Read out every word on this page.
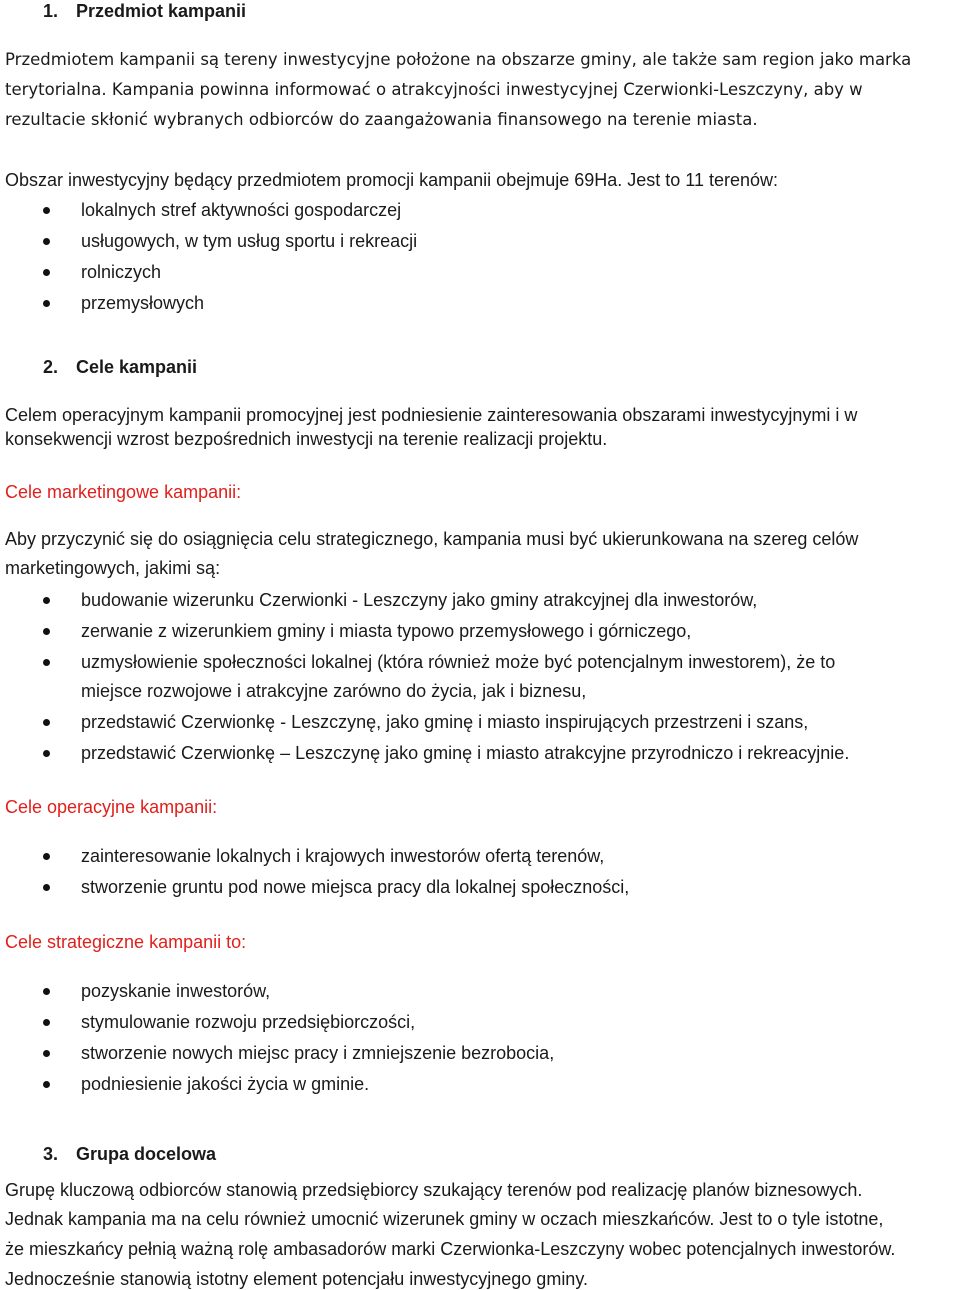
1. Przedmiot kampanii
Przedmiotem kampanii są tereny inwestycyjne położone na obszarze gminy, ale także sam region jako marka
terytorialna. Kampania powinna informować o atrakcyjności inwestycyjnej Czerwionki-Leszczyny, aby w
rezultacie skłonić wybranych odbiorców do zaangażowania finansowego na terenie miasta.
Obszar inwestycyjny będący przedmiotem promocji kampanii obejmuje 69Ha. Jest to 11 terenów:
lokalnych stref aktywności gospodarczej
usługowych, w tym usług sportu i rekreacji
rolniczych
przemysłowych
2. Cele kampanii
Celem operacyjnym kampanii promocyjnej jest podniesienie zainteresowania obszarami inwestycyjnymi i w
konsekwencji wzrost bezpośrednich inwestycji na terenie realizacji projektu.
Cele marketingowe kampanii:
Aby przyczynić się do osiągnięcia celu strategicznego, kampania musi być ukierunkowana na szereg celów
marketingowych, jakimi są:
budowanie wizerunku Czerwionki - Leszczyny jako gminy atrakcyjnej dla inwestorów,
zerwanie z wizerunkiem gminy i miasta typowo przemysłowego i górniczego,
uzmysłowienie społeczności lokalnej (która również może być potencjalnym inwestorem), że to
miejsce rozwojowe i atrakcyjne zarówno do życia, jak i biznesu,
przedstawić Czerwionkę - Leszczynę, jako gminę i miasto inspirujących przestrzeni i szans,
przedstawić Czerwionkę – Leszczynę jako gminę i miasto atrakcyjne przyrodniczo i rekreacyjnie.
Cele operacyjne kampanii:
zainteresowanie lokalnych i krajowych inwestorów ofertą terenów,
stworzenie gruntu pod nowe miejsca pracy dla lokalnej społeczności,
Cele strategiczne kampanii to:
pozyskanie inwestorów,
stymulowanie rozwoju przedsiębiorczości,
stworzenie nowych miejsc pracy i zmniejszenie bezrobocia,
podniesienie jakości życia w gminie.
3. Grupa docelowa
Grupę kluczową odbiorców stanowią przedsiębiorcy szukający terenów pod realizację planów biznesowych.
Jednak kampania ma na celu również umocnić wizerunek gminy w oczach mieszkańców. Jest to o tyle istotne,
że mieszkańcy pełnią ważną rolę ambasadorów marki Czerwionka-Leszczyny wobec potencjalnych inwestorów.
Jednocześnie stanowią istotny element potencjału inwestycyjnego gminy.
